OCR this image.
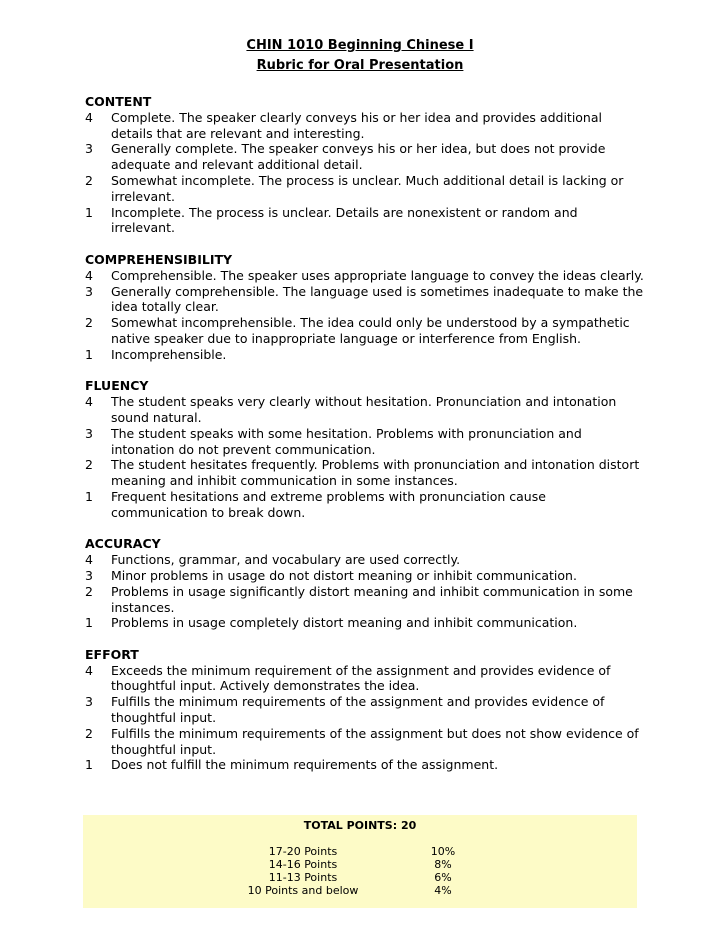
CHIN 1010 Beginning Chinese I
Rubric for Oral Presentation
CONTENT
4	Complete. The speaker clearly conveys his or her idea and provides additional details that are relevant and interesting.
3	Generally complete. The speaker conveys his or her idea, but does not provide adequate and relevant additional detail.
2	Somewhat incomplete. The process is unclear. Much additional detail is lacking or irrelevant.
1	Incomplete. The process is unclear. Details are nonexistent or random and irrelevant.
COMPREHENSIBILITY
4	Comprehensible. The speaker uses appropriate language to convey the ideas clearly.
3	Generally comprehensible. The language used is sometimes inadequate to make the idea totally clear.
2	Somewhat incomprehensible. The idea could only be understood by a sympathetic native speaker due to inappropriate language or interference from English.
1	Incomprehensible.
FLUENCY
4	The student speaks very clearly without hesitation. Pronunciation and intonation sound natural.
3	The student speaks with some hesitation. Problems with pronunciation and intonation do not prevent communication.
2	The student hesitates frequently. Problems with pronunciation and intonation distort meaning and inhibit communication in some instances.
1	Frequent hesitations and extreme problems with pronunciation cause communication to break down.
ACCURACY
4	Functions, grammar, and vocabulary are used correctly.
3	Minor problems in usage do not distort meaning or inhibit communication.
2	Problems in usage significantly distort meaning and inhibit communication in some instances.
1	Problems in usage completely distort meaning and inhibit communication.
EFFORT
4	Exceeds the minimum requirement of the assignment and provides evidence of thoughtful input. Actively demonstrates the idea.
3	Fulfills the minimum requirements of the assignment and provides evidence of thoughtful input.
2	Fulfills the minimum requirements of the assignment but does not show evidence of thoughtful input.
1	Does not fulfill the minimum requirements of the assignment.
TOTAL POINTS: 20
17-20 Points	10%
14-16 Points	8%
11-13 Points	6%
10 Points and below	4%
